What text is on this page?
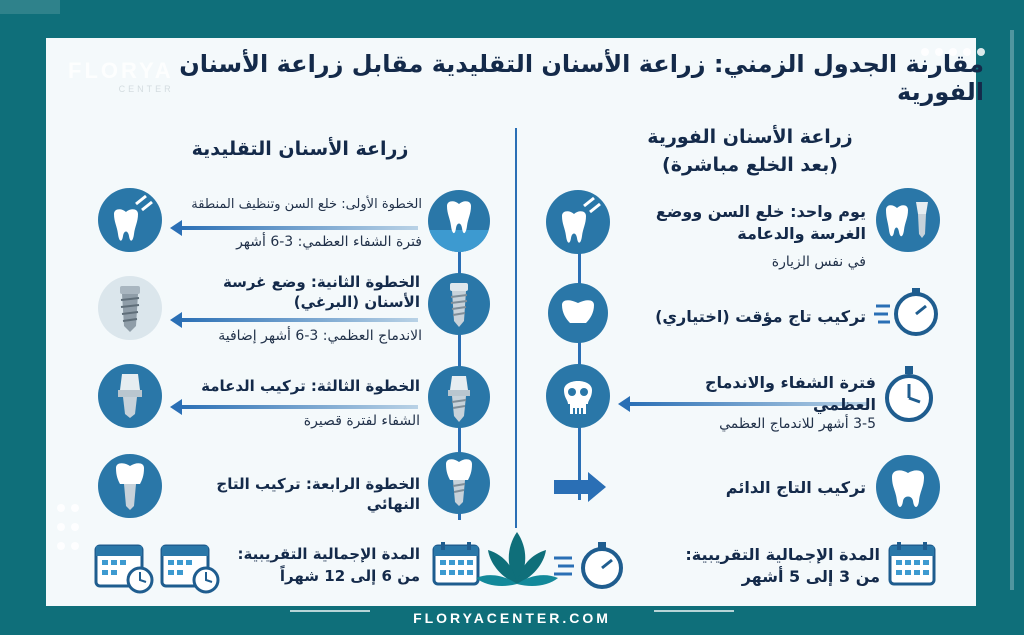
FLORYA
CENTER
مقارنة الجدول الزمني: زراعة الأسنان التقليدية مقابل زراعة الأسنان الفورية
زراعة الأسنان التقليدية
الخطوة الأولى: خلع السن وتنظيف المنطقة
فترة الشفاء العظمي: 3-6 أشهر
الخطوة الثانية: وضع غرسة الأسنان (البرغي)
الاندماج العظمي: 3-6 أشهر إضافية
الخطوة الثالثة: تركيب الدعامة
الشفاء لفترة قصيرة
الخطوة الرابعة: تركيب التاج النهائي
المدة الإجمالية التقريبية:
من 6 إلى 12 شهراً
زراعة الأسنان الفورية
(بعد الخلع مباشرة)
يوم واحد: خلع السن ووضع الغرسة والدعامة
في نفس الزيارة
تركيب تاج مؤقت (اختياري)
فترة الشفاء والاندماج العظمي
3-5 أشهر للاندماج العظمي
تركيب التاج الدائم
المدة الإجمالية التقريبية:
من 3 إلى 5 أشهر
FLORYACENTER.COM
